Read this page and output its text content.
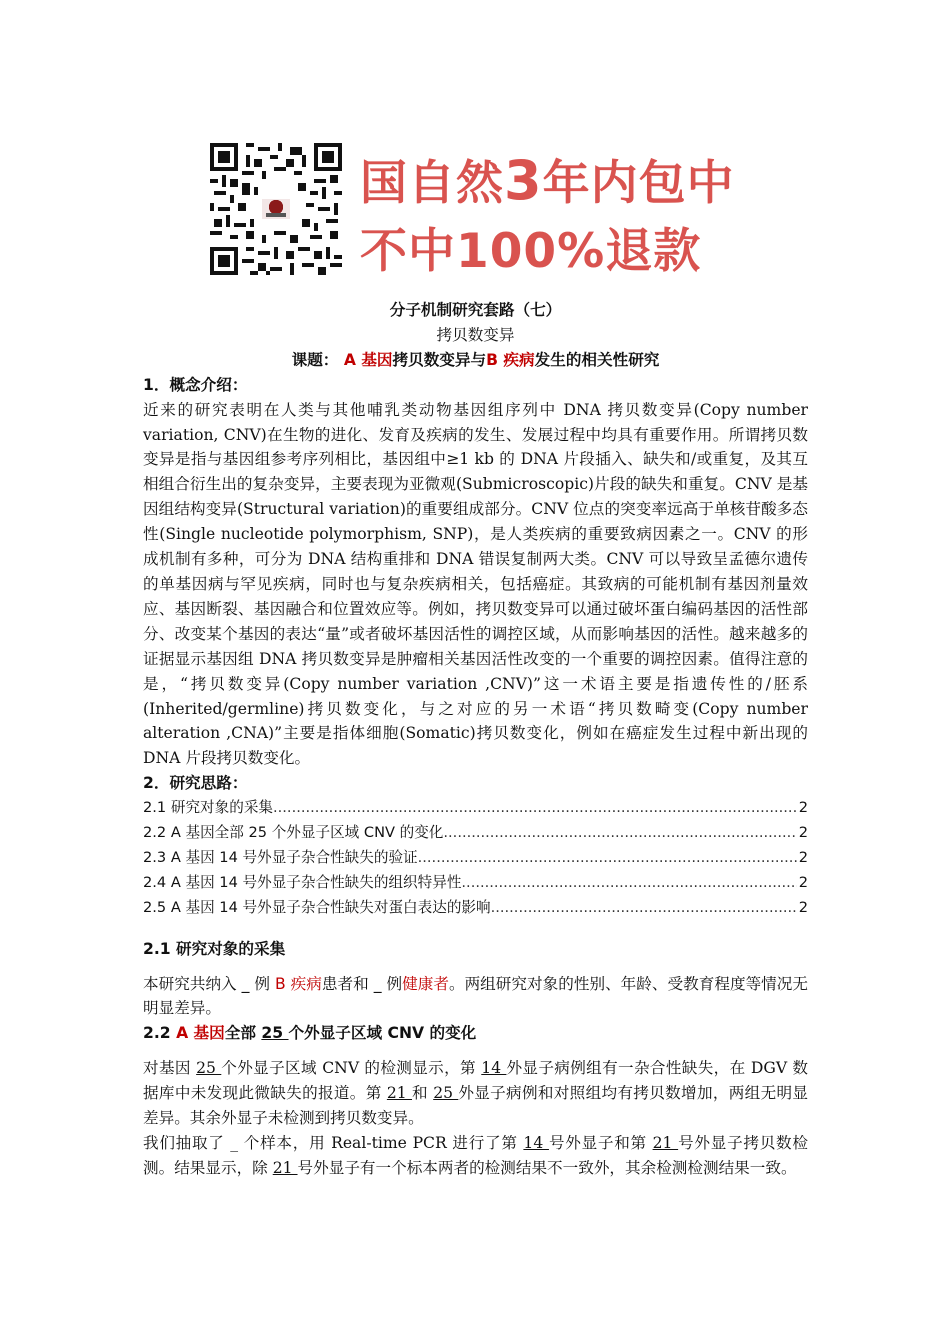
国自然3年内包中
不中100%退款

分子机制研究套路（七）

拷贝数变异

课题： A 基因拷贝数变异与B 疾病发生的相关性研究

1．概念介绍：

近来的研究表明在人类与其他哺乳类动物基因组序列中 DNA 拷贝数变异(Copy number variation, CNV)在生物的进化、发育及疾病的发生、发展过程中均具有重要作用。所谓拷贝数变异是指与基因组参考序列相比，基因组中≥1 kb 的 DNA 片段插入、缺失和/或重复，及其互相组合衍生出的复杂变异，主要表现为亚微观(Submicroscopic)片段的缺失和重复。CNV 是基因组结构变异(Structural variation)的重要组成部分。CNV 位点的突变率远高于单核苷酸多态性(Single nucleotide polymorphism, SNP)，是人类疾病的重要致病因素之一。CNV 的形成机制有多种，可分为 DNA 结构重排和 DNA 错误复制两大类。CNV 可以导致呈孟德尔遗传的单基因病与罕见疾病，同时也与复杂疾病相关，包括癌症。其致病的可能机制有基因剂量效应、基因断裂、基因融合和位置效应等。例如，拷贝数变异可以通过破坏蛋白编码基因的活性部分、改变某个基因的表达“量”或者破坏基因活性的调控区域，从而影响基因的活性。越来越多的证据显示基因组 DNA 拷贝数变异是肿瘤相关基因活性改变的一个重要的调控因素。值得注意的是，“拷贝数变异(Copy number variation ,CNV)”这一术语主要是指遗传性的/胚系(Inherited/germline)拷贝数变化，与之对应的另一术语“拷贝数畸变(Copy number alteration ,CNA)”主要是指体细胞(Somatic)拷贝数变化，例如在癌症发生过程中新出现的 DNA 片段拷贝数变化。

2．研究思路：

2.1 研究对象的采集 .....	2
2.2 A 基因全部 25 个外显子区域 CNV 的变化 .....	2
2.3 A 基因 14 号外显子杂合性缺失的验证 .....	2
2.4 A 基因 14 号外显子杂合性缺失的组织特异性 .....	2
2.5 A 基因 14 号外显子杂合性缺失对蛋白表达的影响 .....	2

2.1 研究对象的采集

本研究共纳入 _ 例 B 疾病患者和 _ 例健康者。两组研究对象的性别、年龄、受教育程度等情况无明显差异。

2.2 A 基因全部 25 个外显子区域 CNV 的变化

对基因 25 个外显子区域 CNV 的检测显示，第 14 外显子病例组有一杂合性缺失，在 DGV 数据库中未发现此微缺失的报道。第 21 和 25 外显子病例和对照组均有拷贝数增加，两组无明显差异。其余外显子未检测到拷贝数变异。

我们抽取了 _ 个样本，用 Real-time PCR 进行了第 14 号外显子和第 21 号外显子拷贝数检测。结果显示，除 21 号外显子有一个标本两者的检测结果不一致外，其余检测检测结果一致。
